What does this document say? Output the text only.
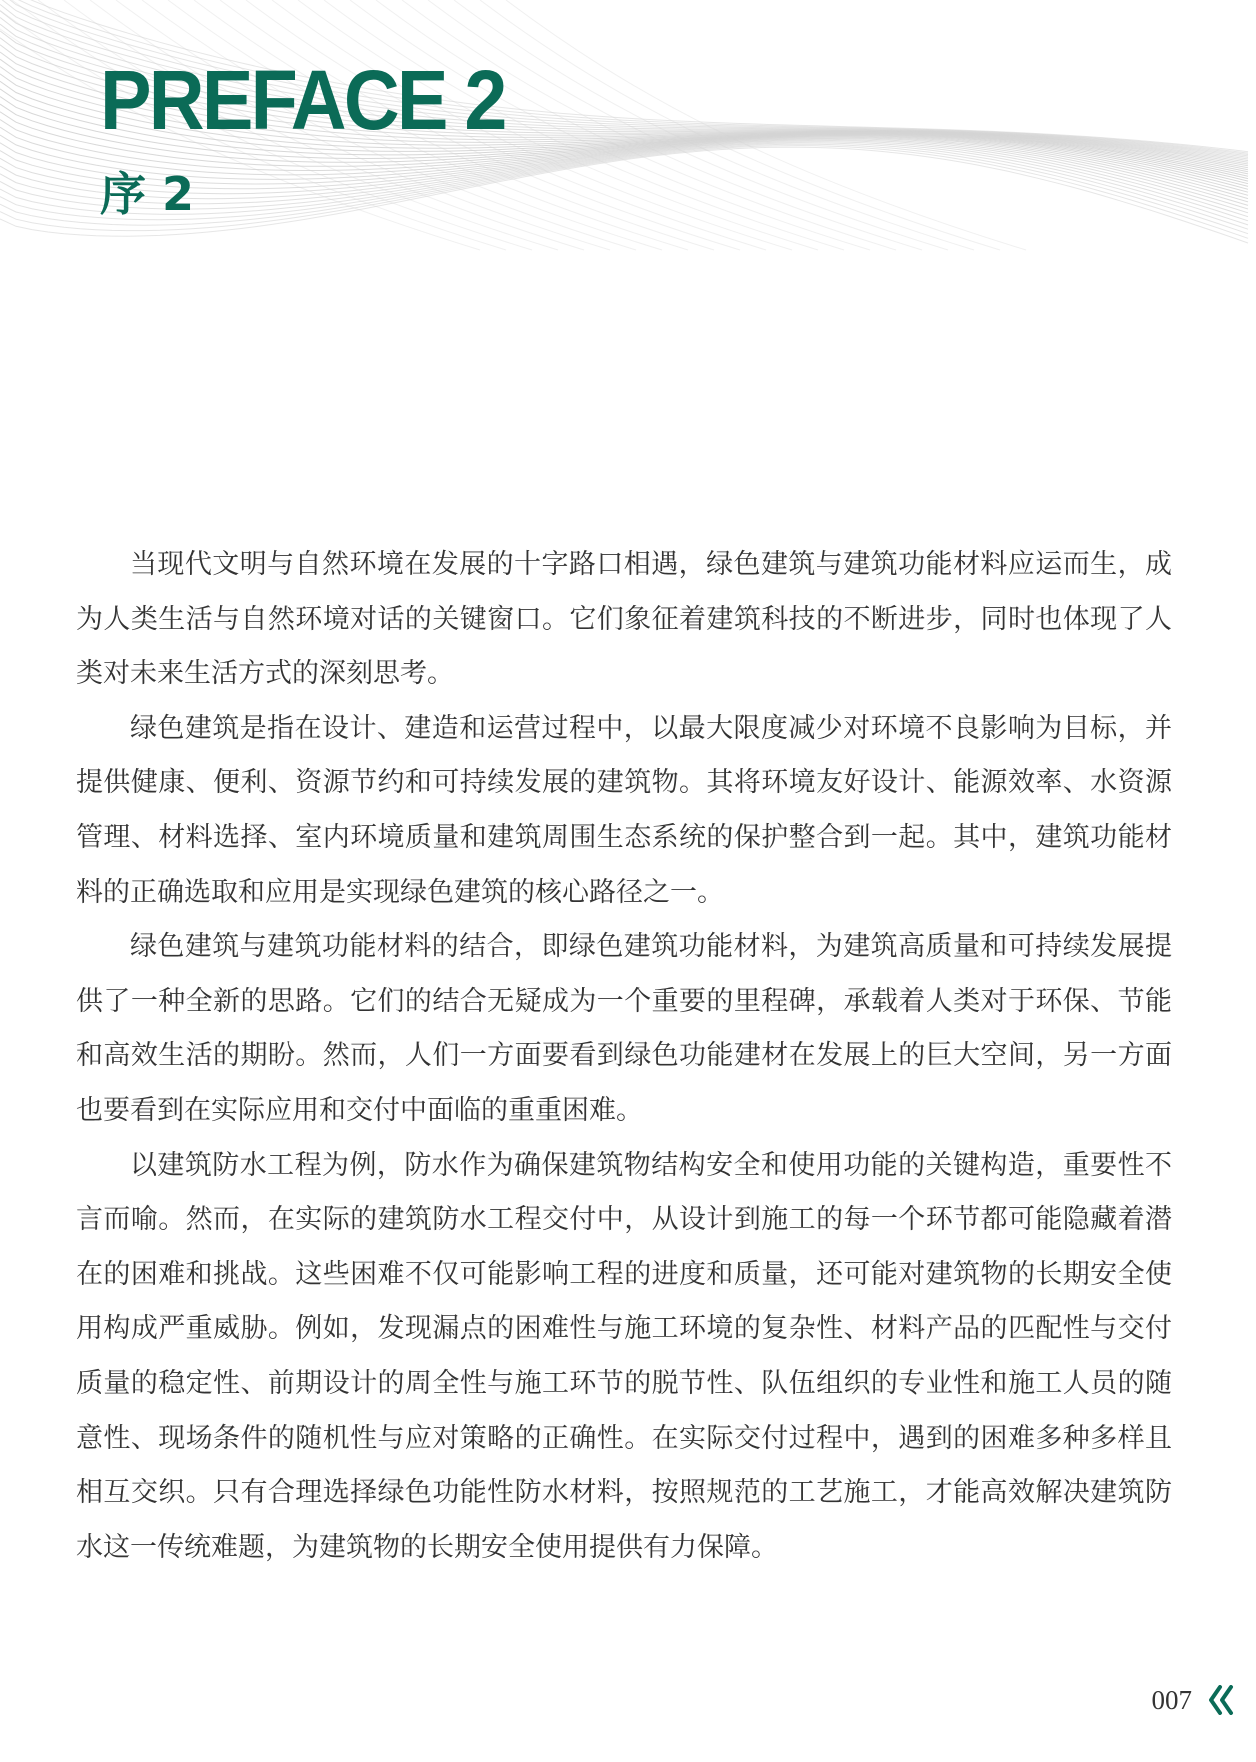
PREFACE 2
序 2

当现代文明与自然环境在发展的十字路口相遇，绿色建筑与建筑功能材料应运而生，成为人类生活与自然环境对话的关键窗口。它们象征着建筑科技的不断进步，同时也体现了人类对未来生活方式的深刻思考。

绿色建筑是指在设计、建造和运营过程中，以最大限度减少对环境不良影响为目标，并提供健康、便利、资源节约和可持续发展的建筑物。其将环境友好设计、能源效率、水资源管理、材料选择、室内环境质量和建筑周围生态系统的保护整合到一起。其中，建筑功能材料的正确选取和应用是实现绿色建筑的核心路径之一。

绿色建筑与建筑功能材料的结合，即绿色建筑功能材料，为建筑高质量和可持续发展提供了一种全新的思路。它们的结合无疑成为一个重要的里程碑，承载着人类对于环保、节能和高效生活的期盼。然而，人们一方面要看到绿色功能建材在发展上的巨大空间，另一方面也要看到在实际应用和交付中面临的重重困难。

以建筑防水工程为例，防水作为确保建筑物结构安全和使用功能的关键构造，重要性不言而喻。然而，在实际的建筑防水工程交付中，从设计到施工的每一个环节都可能隐藏着潜在的困难和挑战。这些困难不仅可能影响工程的进度和质量，还可能对建筑物的长期安全使用构成严重威胁。例如，发现漏点的困难性与施工环境的复杂性、材料产品的匹配性与交付质量的稳定性、前期设计的周全性与施工环节的脱节性、队伍组织的专业性和施工人员的随意性、现场条件的随机性与应对策略的正确性。在实际交付过程中，遇到的困难多种多样且相互交织。只有合理选择绿色功能性防水材料，按照规范的工艺施工，才能高效解决建筑防水这一传统难题，为建筑物的长期安全使用提供有力保障。

007
